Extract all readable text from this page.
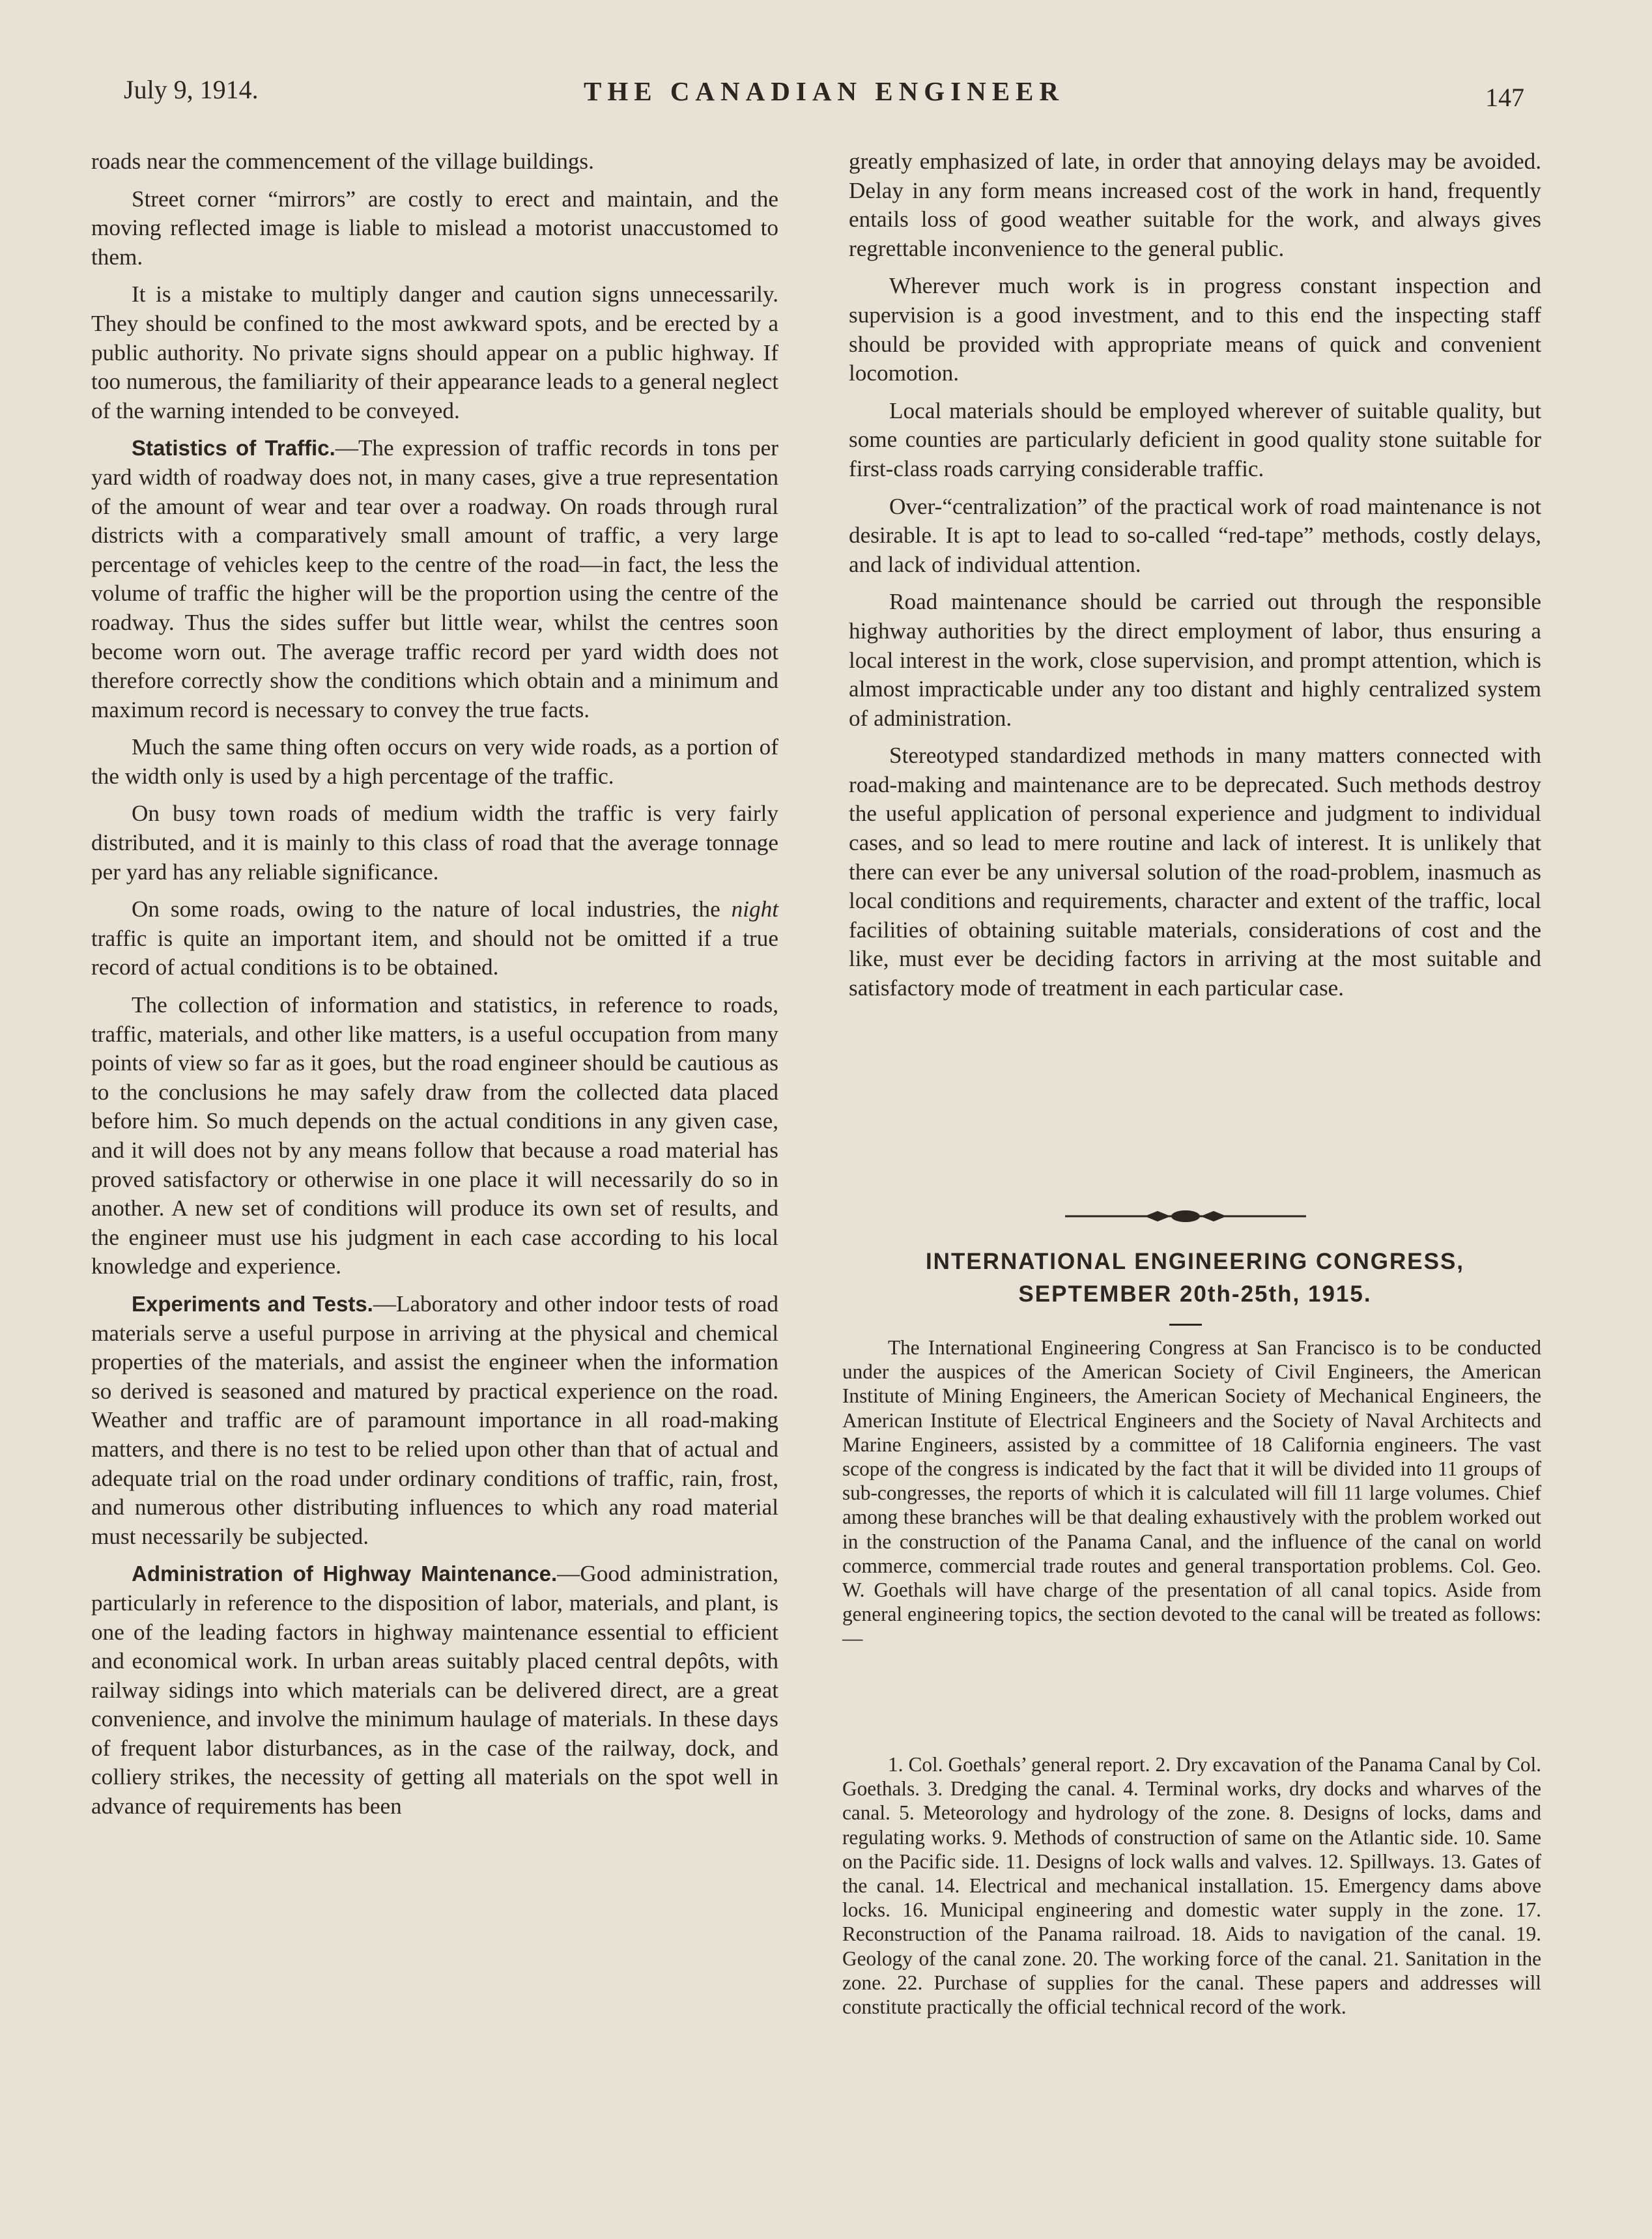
July 9, 1914.	THE CANADIAN ENGINEER	147

roads near the commencement of the village buildings.

Street corner “mirrors” are costly to erect and maintain, and the moving reflected image is liable to mislead a motorist unaccustomed to them.

It is a mistake to multiply danger and caution signs unnecessarily. They should be confined to the most awkward spots, and be erected by a public authority. No private signs should appear on a public highway. If too numerous, the familiarity of their appearance leads to a general neglect of the warning intended to be conveyed.

Statistics of Traffic.—The expression of traffic records in tons per yard width of roadway does not, in many cases, give a true representation of the amount of wear and tear over a roadway. On roads through rural districts with a comparatively small amount of traffic, a very large percentage of vehicles keep to the centre of the road—in fact, the less the volume of traffic the higher will be the proportion using the centre of the roadway. Thus the sides suffer but little wear, whilst the centres soon become worn out. The average traffic record per yard width does not therefore correctly show the conditions which obtain and a minimum and maximum record is necessary to convey the true facts.

Much the same thing often occurs on very wide roads, as a portion of the width only is used by a high percentage of the traffic.

On busy town roads of medium width the traffic is very fairly distributed, and it is mainly to this class of road that the average tonnage per yard has any reliable significance.

On some roads, owing to the nature of local industries, the night traffic is quite an important item, and should not be omitted if a true record of actual conditions is to be obtained.

The collection of information and statistics, in reference to roads, traffic, materials, and other like matters, is a useful occupation from many points of view so far as it goes, but the road engineer should be cautious as to the conclusions he may safely draw from the collected data placed before him. So much depends on the actual conditions in any given case, and it will does not by any means follow that because a road material has proved satisfactory or otherwise in one place it will necessarily do so in another. A new set of conditions will produce its own set of results, and the engineer must use his judgment in each case according to his local knowledge and experience.

Experiments and Tests.—Laboratory and other indoor tests of road materials serve a useful purpose in arriving at the physical and chemical properties of the materials, and assist the engineer when the information so derived is seasoned and matured by practical experience on the road. Weather and traffic are of paramount importance in all road-making matters, and there is no test to be relied upon other than that of actual and adequate trial on the road under ordinary conditions of traffic, rain, frost, and numerous other distributing influences to which any road material must necessarily be subjected.

Administration of Highway Maintenance.—Good administration, particularly in reference to the disposition of labor, materials, and plant, is one of the leading factors in highway maintenance essential to efficient and economical work. In urban areas suitably placed central depôts, with railway sidings into which materials can be delivered direct, are a great convenience, and involve the minimum haulage of materials. In these days of frequent labor disturbances, as in the case of the railway, dock, and colliery strikes, the necessity of getting all materials on the spot well in advance of requirements has been

greatly emphasized of late, in order that annoying delays may be avoided. Delay in any form means increased cost of the work in hand, frequently entails loss of good weather suitable for the work, and always gives regrettable inconvenience to the general public.

Wherever much work is in progress constant inspection and supervision is a good investment, and to this end the inspecting staff should be provided with appropriate means of quick and convenient locomotion.

Local materials should be employed wherever of suitable quality, but some counties are particularly deficient in good quality stone suitable for first-class roads carrying considerable traffic.

Over-“centralization” of the practical work of road maintenance is not desirable. It is apt to lead to so-called “red-tape” methods, costly delays, and lack of individual attention.

Road maintenance should be carried out through the responsible highway authorities by the direct employment of labor, thus ensuring a local interest in the work, close supervision, and prompt attention, which is almost impracticable under any too distant and highly centralized system of administration.

Stereotyped standardized methods in many matters connected with road-making and maintenance are to be deprecated. Such methods destroy the useful application of personal experience and judgment to individual cases, and so lead to mere routine and lack of interest. It is unlikely that there can ever be any universal solution of the road-problem, inasmuch as local conditions and requirements, character and extent of the traffic, local facilities of obtaining suitable materials, considerations of cost and the like, must ever be deciding factors in arriving at the most suitable and satisfactory mode of treatment in each particular case.

INTERNATIONAL ENGINEERING CONGRESS,
SEPTEMBER 20th-25th, 1915.

The International Engineering Congress at San Francisco is to be conducted under the auspices of the American Society of Civil Engineers, the American Institute of Mining Engineers, the American Society of Mechanical Engineers, the American Institute of Electrical Engineers and the Society of Naval Architects and Marine Engineers, assisted by a committee of 18 California engineers. The vast scope of the congress is indicated by the fact that it will be divided into 11 groups of sub-congresses, the reports of which it is calculated will fill 11 large volumes. Chief among these branches will be that dealing exhaustively with the problem worked out in the construction of the Panama Canal, and the influence of the canal on world commerce, commercial trade routes and general transportation problems. Col. Geo. W. Goethals will have charge of the presentation of all canal topics. Aside from general engineering topics, the section devoted to the canal will be treated as follows:—

1. Col. Goethals’ general report. 2. Dry excavation of the Panama Canal by Col. Goethals. 3. Dredging the canal. 4. Terminal works, dry docks and wharves of the canal. 5. Meteorology and hydrology of the zone. 8. Designs of locks, dams and regulating works. 9. Methods of construction of same on the Atlantic side. 10. Same on the Pacific side. 11. Designs of lock walls and valves. 12. Spillways. 13. Gates of the canal. 14. Electrical and mechanical installation. 15. Emergency dams above locks. 16. Municipal engineering and domestic water supply in the zone. 17. Reconstruction of the Panama railroad. 18. Aids to navigation of the canal. 19. Geology of the canal zone. 20. The working force of the canal. 21. Sanitation in the zone. 22. Purchase of supplies for the canal. These papers and addresses will constitute practically the official technical record of the work.
